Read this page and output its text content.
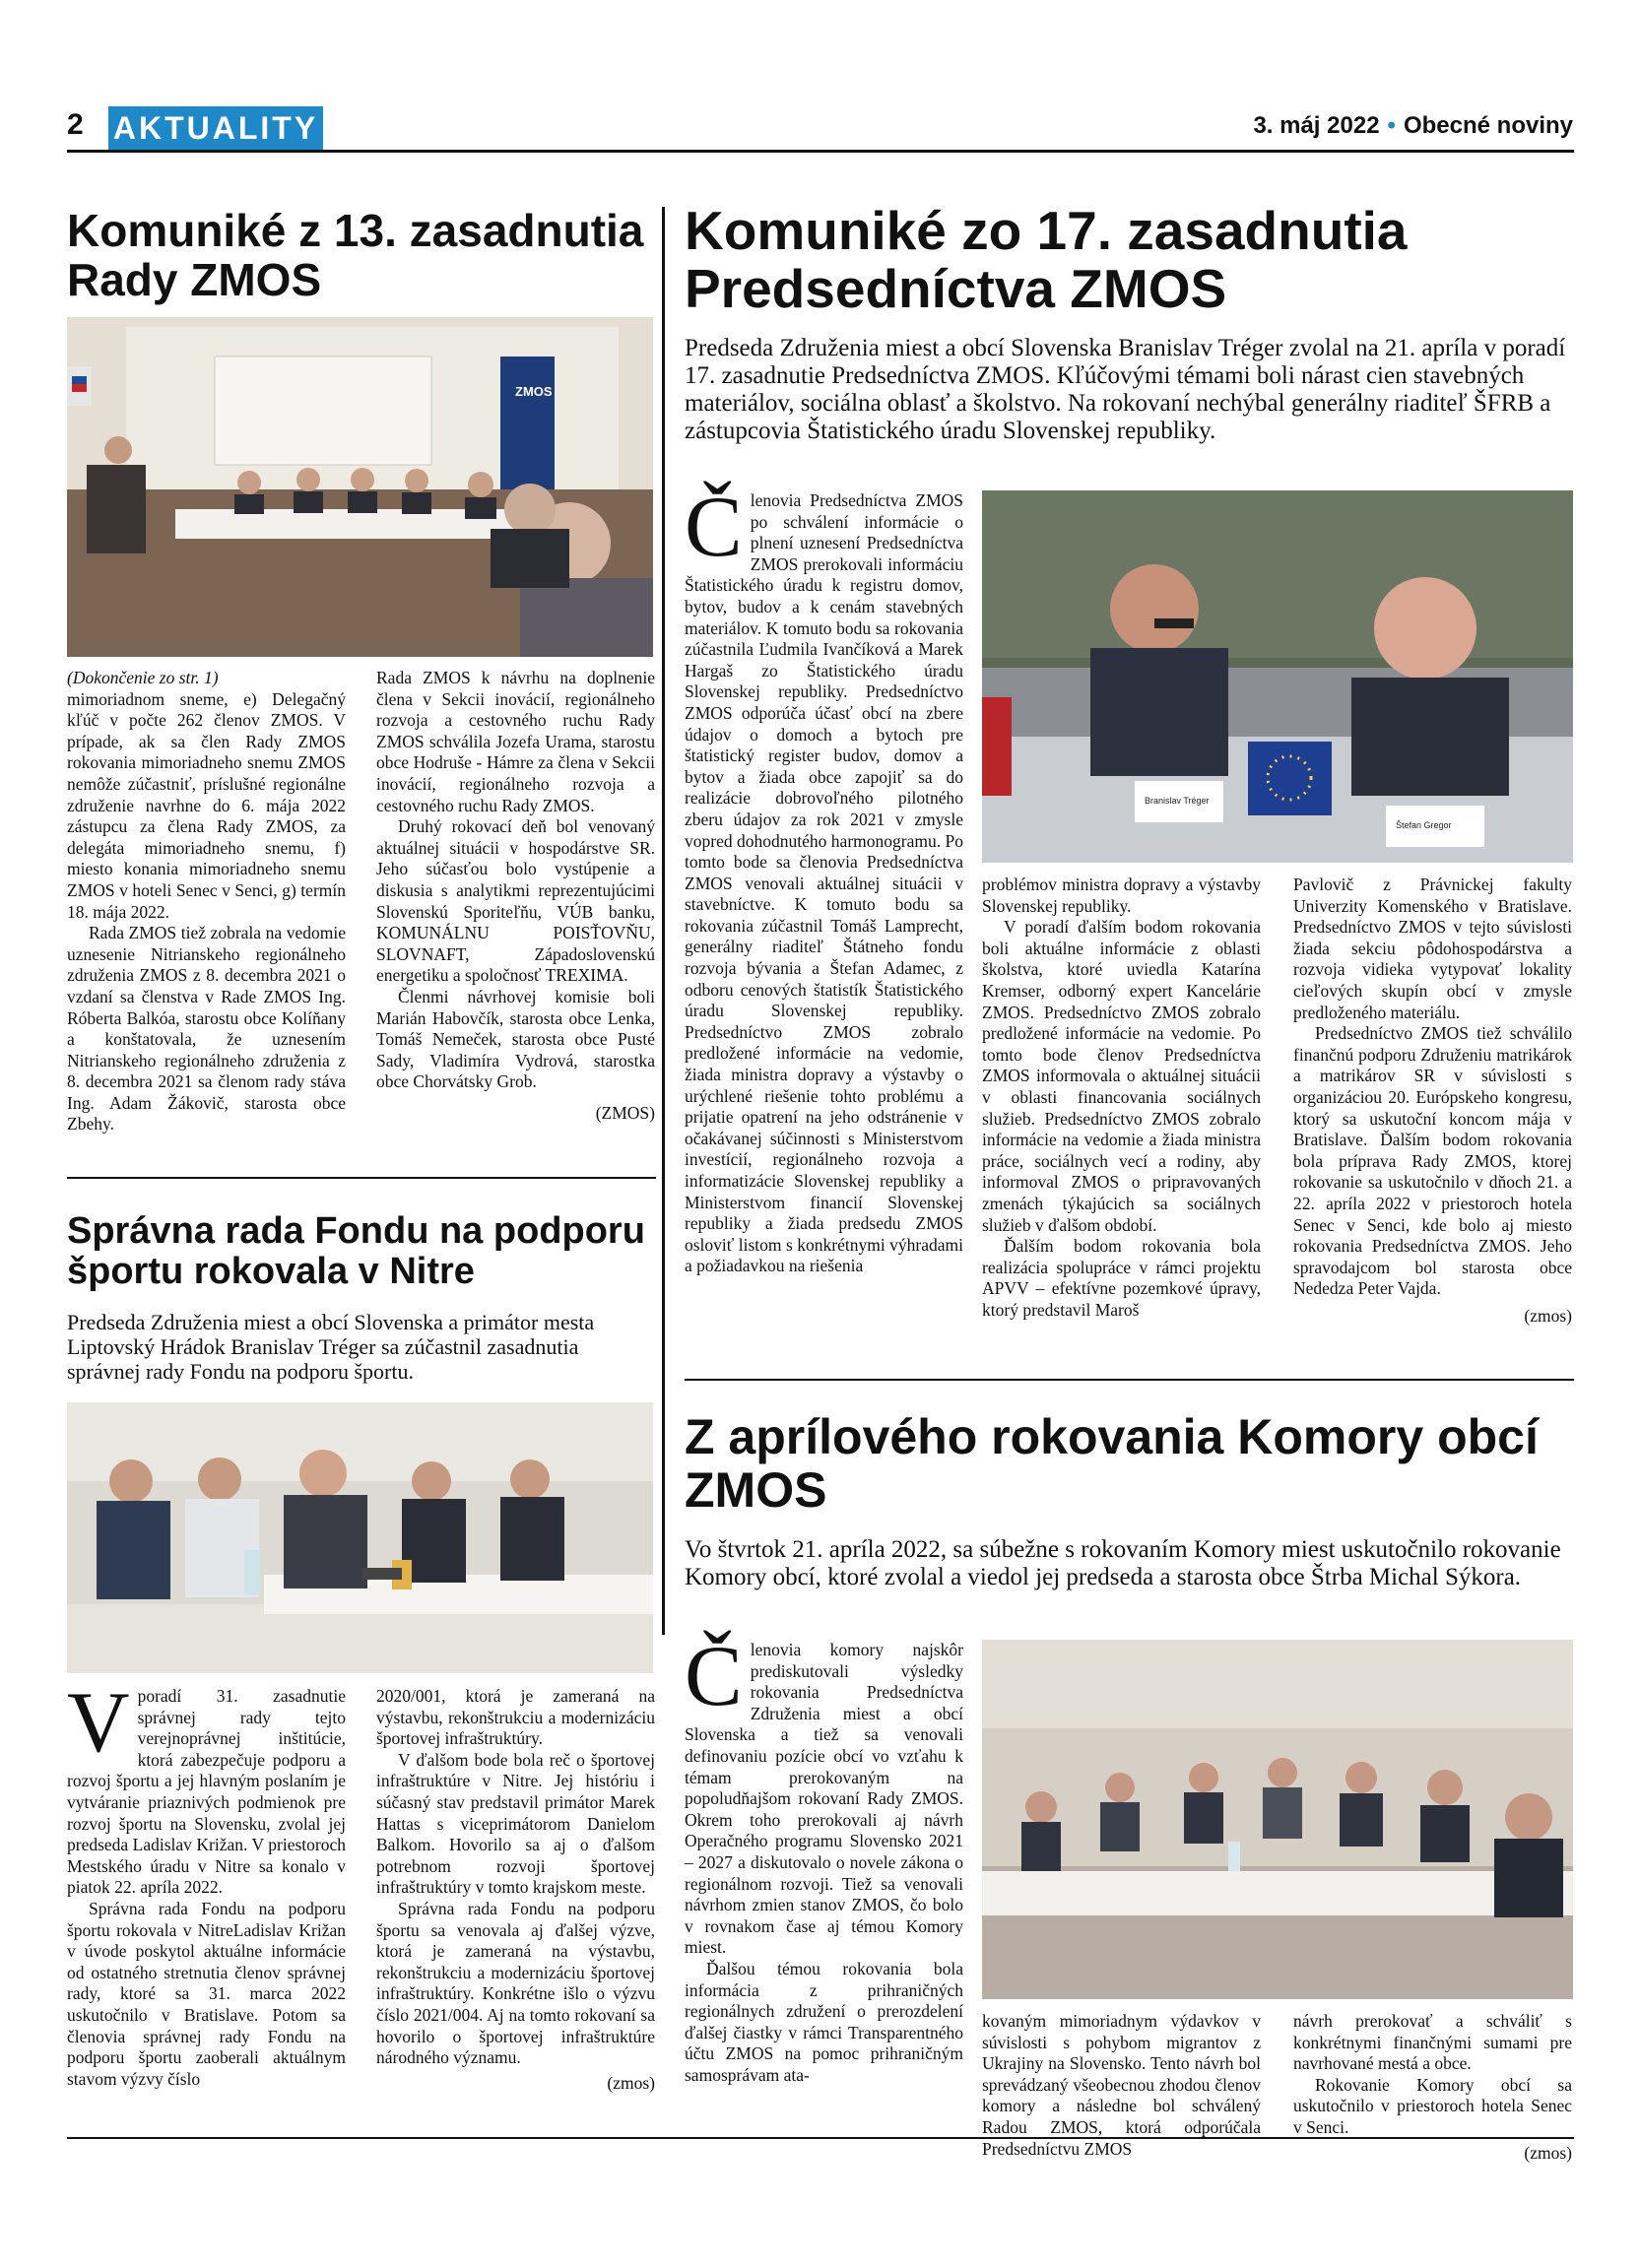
2 AKTUALITY	3. máj 2022 • Obecné noviny
Komuniké z 13. zasadnutia Rady ZMOS
ZMOS

(Dokončenie zo str. 1)

mimoriadnom sneme, e) Delegačný kľúč v počte 262 členov ZMOS. V prípade, ak sa člen Rady ZMOS rokovania mimoriadneho snemu ZMOS nemôže zúčastniť, príslušné regionálne združenie navrhne do 6. mája 2022 zástupcu za člena Rady ZMOS, za delegáta mimoriadneho snemu, f) miesto konania mimoriadneho snemu ZMOS v hoteli Senec v Senci, g) termín 18. mája 2022.

Rada ZMOS tiež zobrala na vedomie uznesenie Nitrianskeho regionálneho združenia ZMOS z 8. decembra 2021 o vzdaní sa členstva v Rade ZMOS Ing. Róberta Balkóa, starostu obce Kolíňany a konštatovala, že uznesením Nitrianskeho regionálneho združenia z 8. decembra 2021 sa členom rady stáva Ing. Adam Žákovič, starosta obce Zbehy.

Rada ZMOS k návrhu na doplnenie člena v Sekcii inovácií, regionálneho rozvoja a cestovného ruchu Rady ZMOS schválila Jozefa Urama, starostu obce Hodruše - Hámre za člena v Sekcii inovácií, regionálneho rozvoja a cestovného ruchu Rady ZMOS.

Druhý rokovací deň bol venovaný aktuálnej situácii v hospodárstve SR. Jeho súčasťou bolo vystúpenie a diskusia s analytikmi reprezentujúcimi Slovenskú Sporiteľňu, VÚB banku, KOMUNÁLNU POISŤOVŇU, SLOVNAFT, Západoslovenskú energetiku a spoločnosť TREXIMA.

Členmi návrhovej komisie boli Marián Habovčík, starosta obce Lenka, Tomáš Nemeček, starosta obce Pusté Sady, Vladimíra Vydrová, starostka obce Chorvátsky Grob.

(ZMOS)
Správna rada Fondu na podporu športu rokovala v Nitre
Predseda Združenia miest a obcí Slovenska a primátor mesta Liptovský Hrádok Branislav Tréger sa zúčastnil zasadnutia správnej rady Fondu na podporu športu.
V poradí 31. zasadnutie správnej rady tejto verejnoprávnej inštitúcie, ktorá zabezpečuje podporu a rozvoj športu a jej hlavným poslaním je vytváranie priaznivých podmienok pre rozvoj športu na Slovensku, zvolal jej predseda Ladislav Križan. V priestoroch Mestského úradu v Nitre sa konalo v piatok 22. apríla 2022.

Správna rada Fondu na podporu športu rokovala v NitreLadislav Križan v úvode poskytol aktuálne informácie od ostatného stretnutia členov správnej rady, ktoré sa 31. marca 2022 uskutočnilo v Bratislave. Potom sa členovia správnej rady Fondu na podporu športu zaoberali aktuálnym stavom výzvy číslo

2020/001, ktorá je zameraná na výstavbu, rekonštrukciu a modernizáciu športovej infraštruktúry.

V ďalšom bode bola reč o športovej infraštruktúre v Nitre. Jej históriu i súčasný stav predstavil primátor Marek Hattas s viceprimátorom Danielom Balkom. Hovorilo sa aj o ďalšom potrebnom rozvoji športovej infraštruktúry v tomto krajskom meste.

Správna rada Fondu na podporu športu sa venovala aj ďalšej výzve, ktorá je zameraná na výstavbu, rekonštrukciu a modernizáciu športovej infraštruktúry. Konkrétne išlo o výzvu číslo 2021/004. Aj na tomto rokovaní sa hovorilo o športovej infraštruktúre národného významu.

(zmos)
Komuniké zo 17. zasadnutia Predsedníctva ZMOS
Predseda Združenia miest a obcí Slovenska Branislav Tréger zvolal na 21. apríla v poradí 17. zasadnutie Predsedníctva ZMOS. Kľúčovými témami boli nárast cien stavebných materiálov, sociálna oblasť a školstvo. Na rokovaní nechýbal generálny riaditeľ ŠFRB a zástupcovia Štatistického úradu Slovenskej republiky.
Č lenovia Predsedníctva ZMOS po schválení informácie o plnení uznesení Predsedníctva ZMOS prerokovali informáciu Štatistického úradu k registru domov, bytov, budov a k cenám stavebných materiálov. K tomuto bodu sa rokovania zúčastnila Ľudmila Ivančíková a Marek Hargaš zo Štatistického úradu Slovenskej republiky. Predsedníctvo ZMOS odporúča účasť obcí na zbere údajov o domoch a bytoch pre štatistický register budov, domov a bytov a žiada obce zapojiť sa do realizácie dobrovoľného pilotného zberu údajov za rok 2021 v zmysle vopred dohodnutého harmonogramu. Po tomto bode sa členovia Predsedníctva ZMOS venovali aktuálnej situácii v stavebníctve. K tomuto bodu sa rokovania zúčastnil Tomáš Lamprecht, generálny riaditeľ Štátneho fondu rozvoja bývania a Štefan Adamec, z odboru cenových štatistík Štatistického úradu Slovenskej republiky. Predsedníctvo ZMOS zobralo predložené informácie na vedomie, žiada ministra dopravy a výstavby o urýchlené riešenie tohto problému a prijatie opatrení na jeho odstránenie v očakávanej súčinnosti s Ministerstvom investícií, regionálneho rozvoja a informatizácie Slovenskej republiky a Ministerstvom financií Slovenskej republiky a žiada predsedu ZMOS osloviť listom s konkrétnymi výhradami a požiadavkou na riešenia

Branislav Tréger
Štefan Gregor

problémov ministra dopravy a výstavby Slovenskej republiky.

V poradí ďalším bodom rokovania boli aktuálne informácie z oblasti školstva, ktoré uviedla Katarína Kremser, odborný expert Kancelárie ZMOS. Predsedníctvo ZMOS zobralo predložené informácie na vedomie. Po tomto bode členov Predsedníctva ZMOS informovala o aktuálnej situácii v oblasti financovania sociálnych služieb. Predsedníctvo ZMOS zobralo informácie na vedomie a žiada ministra práce, sociálnych vecí a rodiny, aby informoval ZMOS o pripravovaných zmenách týkajúcich sa sociálnych služieb v ďalšom období.

Ďalším bodom rokovania bola realizácia spolupráce v rámci projektu APVV – efektívne pozemkové úpravy, ktorý predstavil Maroš

Pavlovič z Právnickej fakulty Univerzity Komenského v Bratislave. Predsedníctvo ZMOS v tejto súvislosti žiada sekciu pôdohospodárstva a rozvoja vidieka vytypovať lokality cieľových skupín obcí v zmysle predloženého materiálu.

Predsedníctvo ZMOS tiež schválilo finančnú podporu Združeniu matrikárok a matrikárov SR v súvislosti s organizáciou 20. Európskeho kongresu, ktorý sa uskutoční koncom mája v Bratislave. Ďalším bodom rokovania bola príprava Rady ZMOS, ktorej rokovanie sa uskutočnilo v dňoch 21. a 22. apríla 2022 v priestoroch hotela Senec v Senci, kde bolo aj miesto rokovania Predsedníctva ZMOS. Jeho spravodajcom bol starosta obce Nededza Peter Vajda.

(zmos)
Z aprílového rokovania Komory obcí ZMOS
Vo štvrtok 21. apríla 2022, sa súbežne s rokovaním Komory miest uskutočnilo rokovanie Komory obcí, ktoré zvolal a viedol jej predseda a starosta obce Štrba Michal Sýkora.
Č lenovia komory najskôr prediskutovali výsledky rokovania Predsedníctva Združenia miest a obcí Slovenska a tiež sa venovali definovaniu pozície obcí vo vzťahu k témam prerokovaným na popoludňajšom rokovaní Rady ZMOS. Okrem toho prerokovali aj návrh Operačného programu Slovensko 2021 – 2027 a diskutovalo o novele zákona o regionálnom rozvoji. Tiež sa venovali návrhom zmien stanov ZMOS, čo bolo v rovnakom čase aj témou Komory miest.

Ďalšou témou rokovania bola informácia z prihraničných regionálnych združení o prerozdelení ďalšej čiastky v rámci Transparentného účtu ZMOS na pomoc prihraničným samosprávam ata-

kovaným mimoriadnym výdavkov v súvislosti s pohybom migrantov z Ukrajiny na Slovensko. Tento návrh bol sprevádzaný všeobecnou zhodou členov komory a následne bol schválený Radou ZMOS, ktorá odporúčala Predsedníctvu ZMOS

návrh prerokovať a schváliť s konkrétnymi finančnými sumami pre navrhované mestá a obce.

Rokovanie Komory obcí sa uskutočnilo v priestoroch hotela Senec v Senci.

(zmos)
